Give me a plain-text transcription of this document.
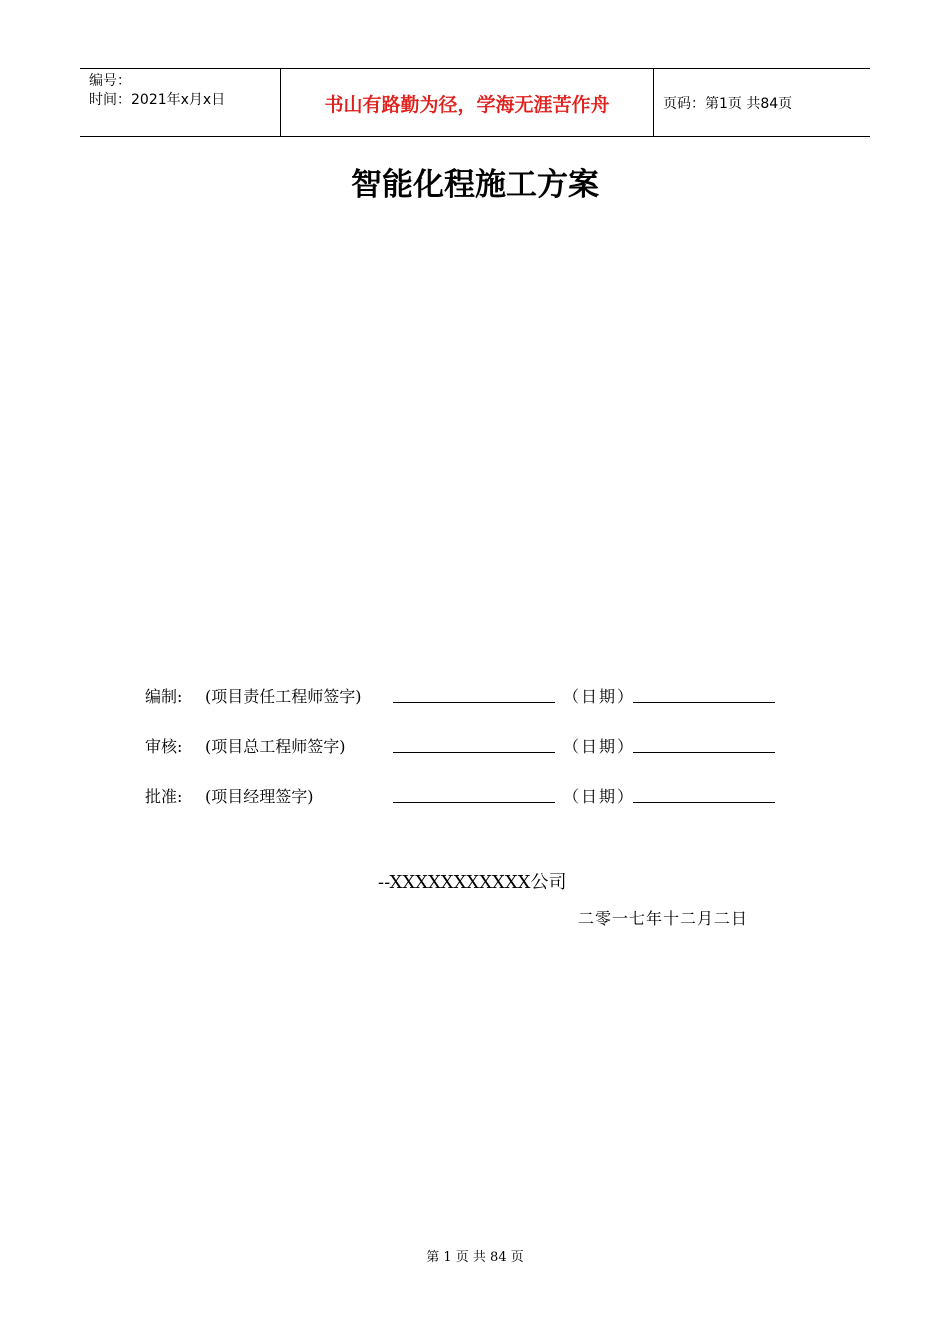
编号：
时间：2021年x月x日	书山有路勤为径，学海无涯苦作舟	页码：第1页 共84页
智能化程施工方案
编制: (项目责任工程师签字)	（日期）
审核: (项目总工程师签字)	（日期）
批准: (项目经理签字)	（日期）
--XXXXXXXXXXX公司
二零一七年十二月二日
第 1 页 共 84 页
